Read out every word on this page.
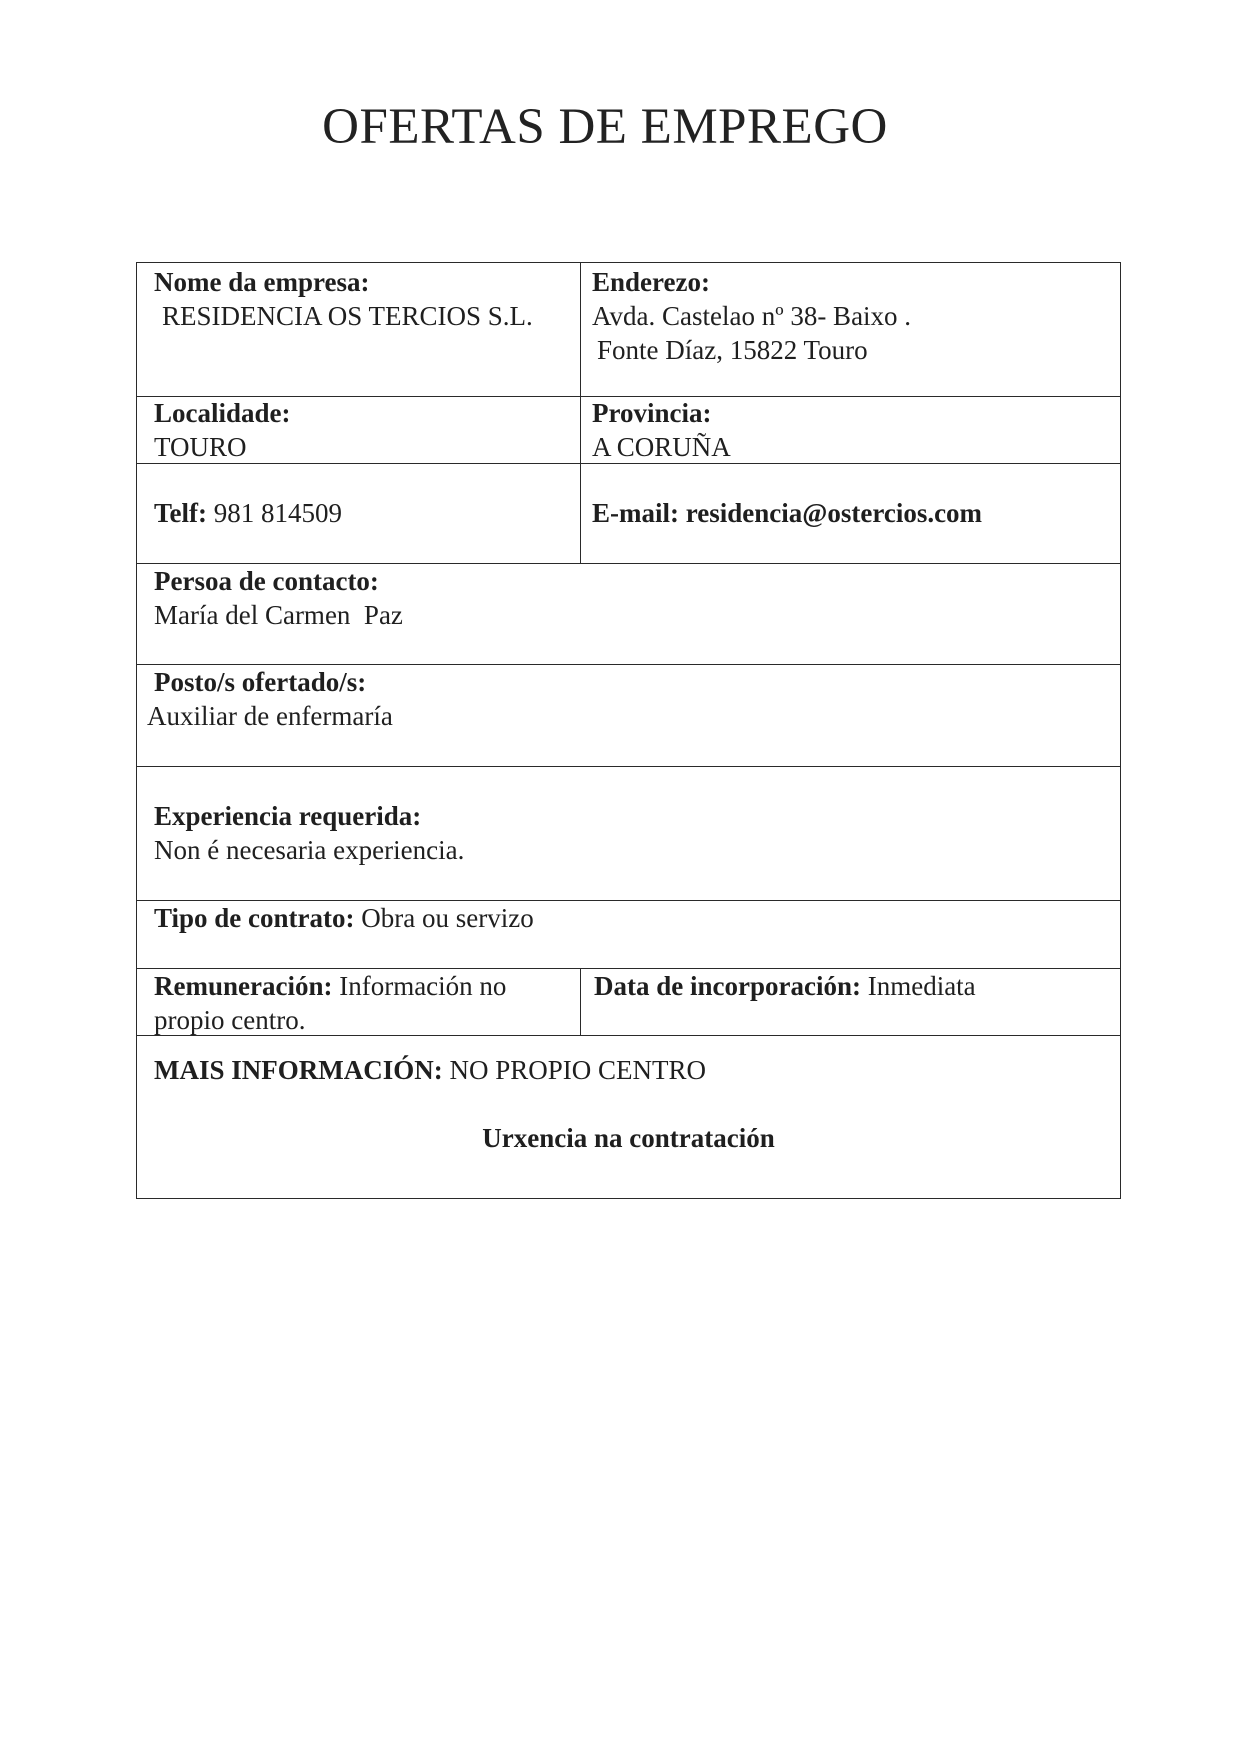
OFERTAS DE EMPREGO
Nome da empresa:
RESIDENCIA OS TERCIOS S.L.
Enderezo:
Avda. Castelao nº 38- Baixo .
Fonte Díaz, 15822 Touro
Localidade:
TOURO
Provincia:
A CORUÑA
Telf: 981 814509	E-mail: residencia@ostercios.com
Persoa de contacto:
María del Carmen  Paz
Posto/s ofertado/s:
Auxiliar de enfermaría
Experiencia requerida:
Non é necesaria experiencia.
Tipo de contrato: Obra ou servizo
Remuneración: Información no
propio centro.
Data de incorporación: Inmediata
MAIS INFORMACIÓN: NO PROPIO CENTRO
Urxencia na contratación
